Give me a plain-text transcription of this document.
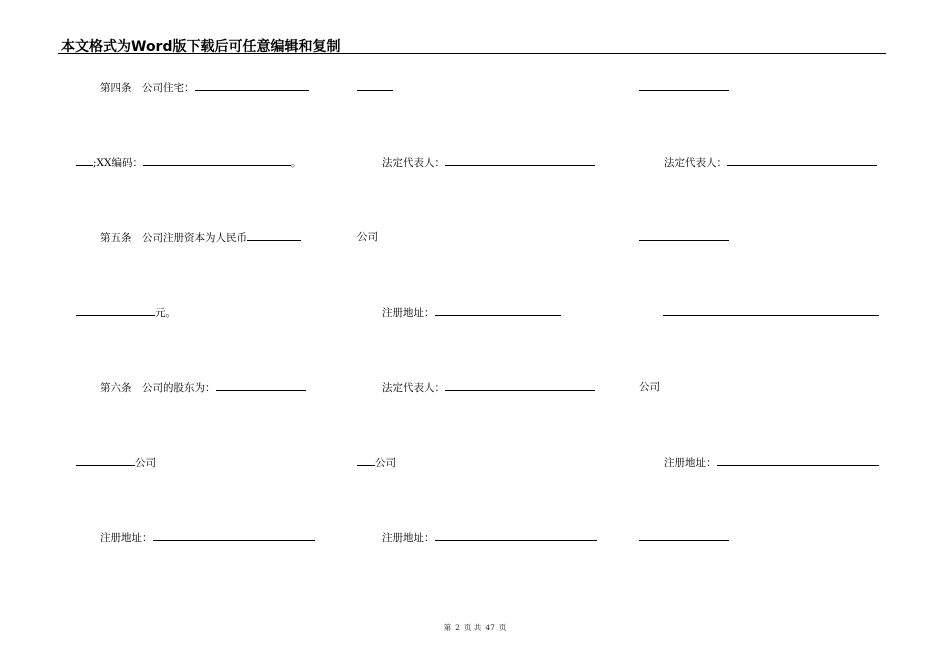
本文格式为Word版下载后可任意编辑和复制
第四条　公司住宅：
;XX编码：	。	法定代表人：	法定代表人：
第五条　公司注册资本为人民币	公司
元。	注册地址：
第六条　公司的股东为：	法定代表人：	公司
公司	公司	注册地址：
注册地址：	注册地址：
第 2 页 共 47 页
